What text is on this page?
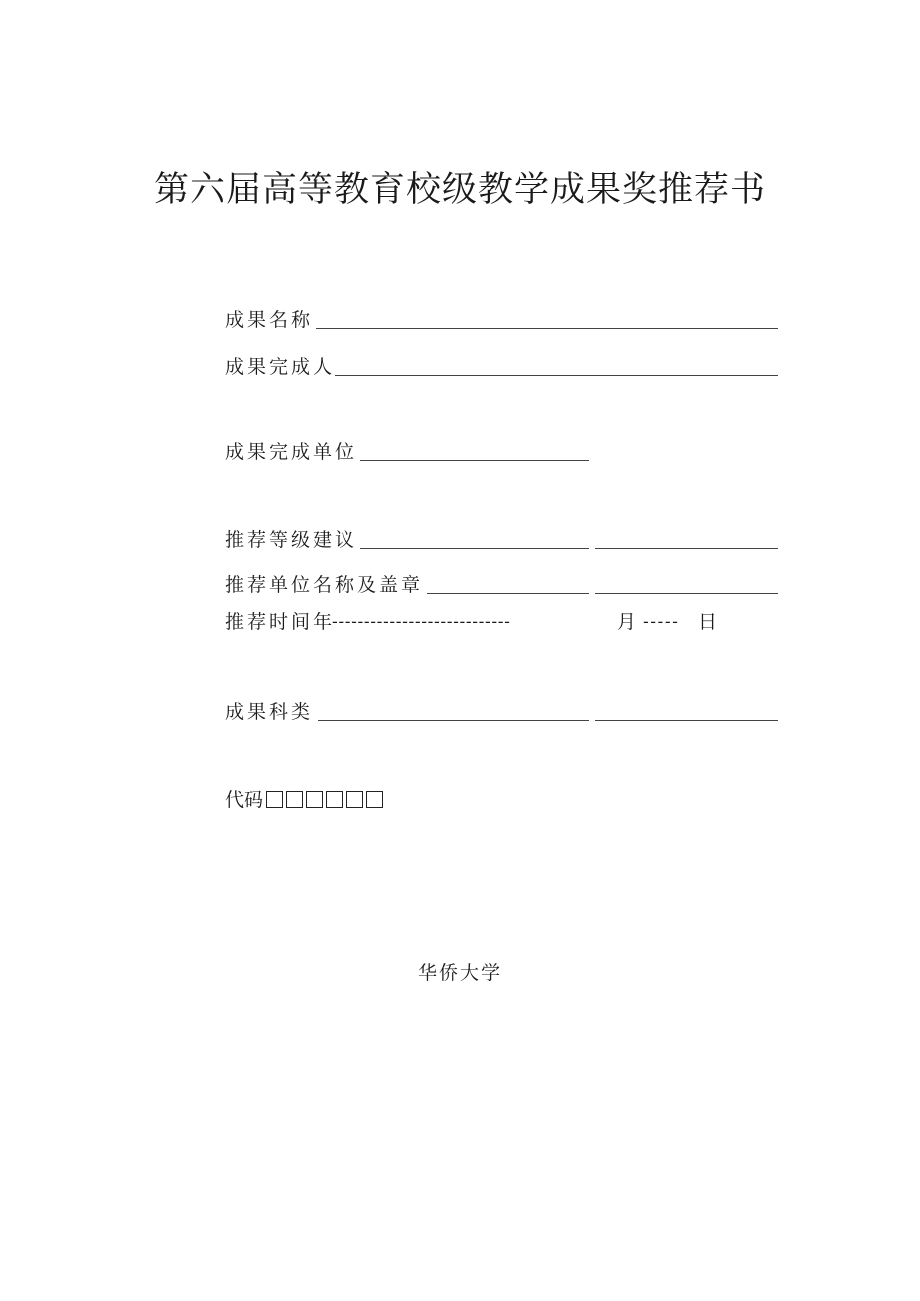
第六届高等教育校级教学成果奖推荐书
成果名称
成果完成人
成果完成单位
推荐等级建议
推荐单位名称及盖章
推荐时间年
----------------------------	月 ----- 日
成果科类
代码
华侨大学
